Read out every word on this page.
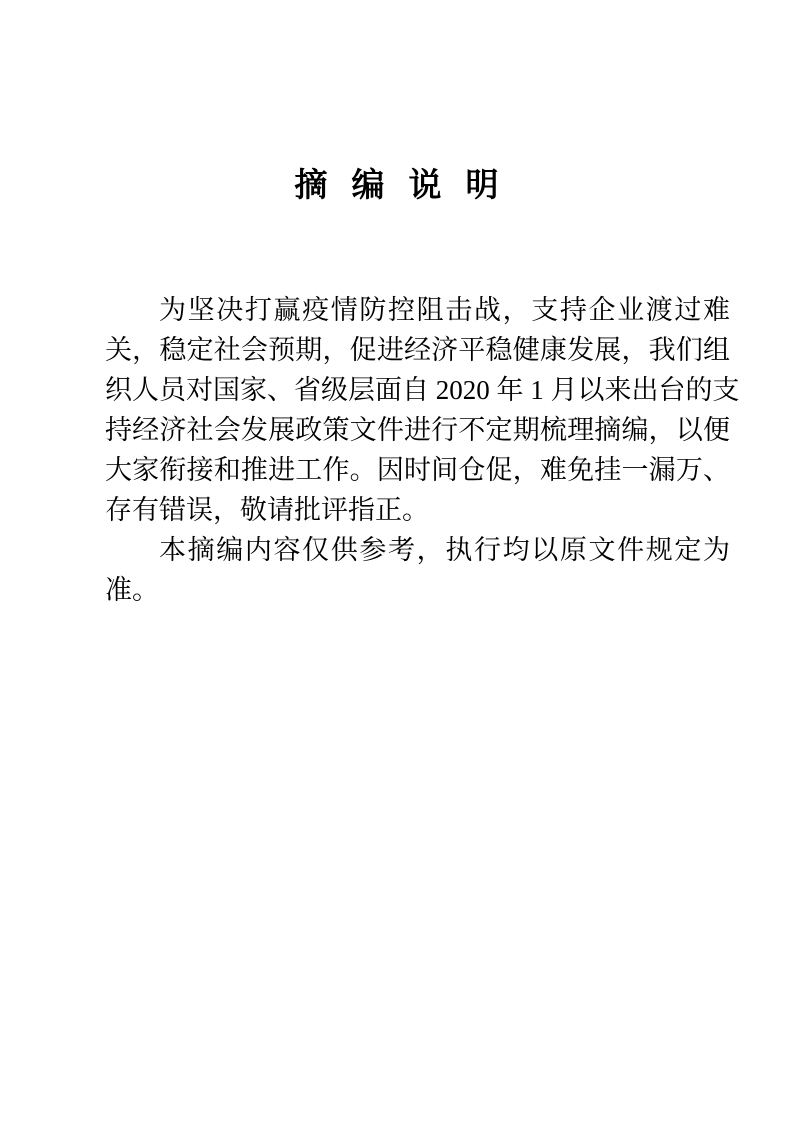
摘编说明
为坚决打赢疫情防控阻击战，支持企业渡过难
关，稳定社会预期，促进经济平稳健康发展，我们组
织人员对国家、省级层面自 2020 年 1 月以来出台的支
持经济社会发展政策文件进行不定期梳理摘编，以便
大家衔接和推进工作。因时间仓促，难免挂一漏万、
存有错误，敬请批评指正。
本摘编内容仅供参考，执行均以原文件规定为
准。
